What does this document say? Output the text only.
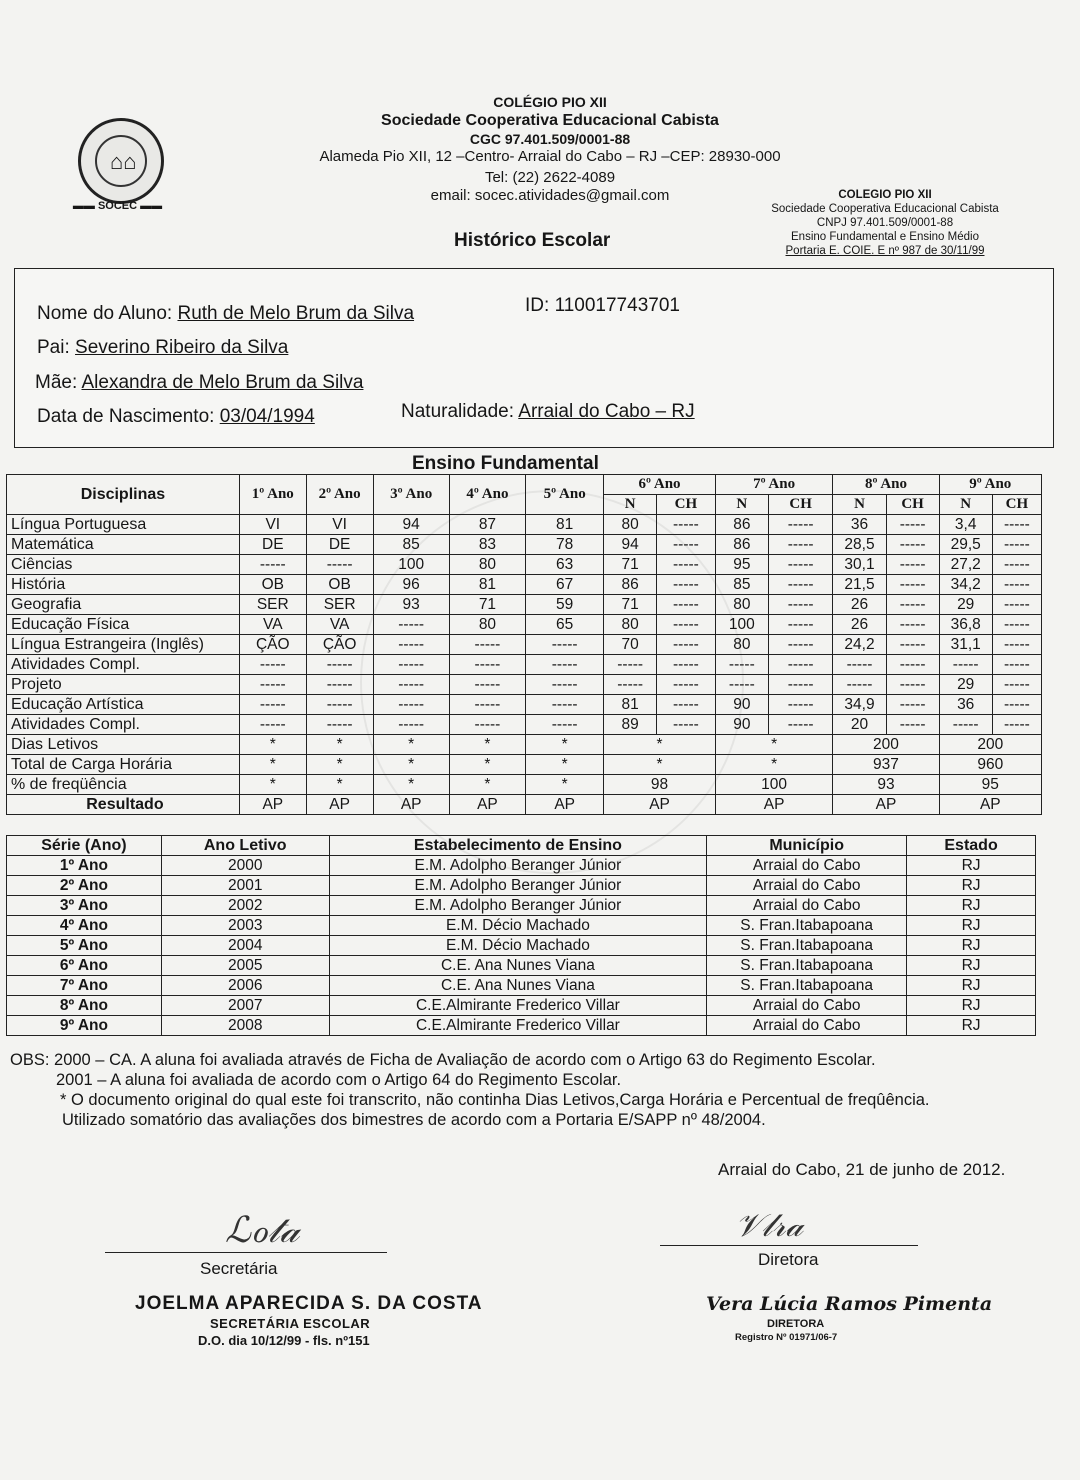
⌂⌂
▬▬ SOCEC ▬▬
COLÉGIO PIO XII
Sociedade Cooperativa Educacional Cabista
CGC 97.401.509/0001-88
Alameda Pio XII, 12 –Centro- Arraial do Cabo – RJ –CEP: 28930-000
Tel: (22) 2622-4089
email: socec.atividades@gmail.com
Histórico Escolar
COLEGIO PIO XII
Sociedade Cooperativa Educacional Cabista
CNPJ 97.401.509/0001-88
Ensino Fundamental e Ensino Médio
Portaria E. COIE. E nº 987 de 30/11/99
Nome do Aluno: Ruth de Melo Brum da Silva	ID: 110017743701
Pai: Severino Ribeiro da Silva
Mãe: Alexandra de Melo Brum da Silva
Data de Nascimento: 03/04/1994	Naturalidade: Arraial do Cabo – RJ
Ensino Fundamental
Disciplinas	1º Ano	2º Ano	3º Ano	4º Ano	5º Ano	6º Ano		7º Ano		8º Ano		9º Ano	
						N	CH	N	CH	N	CH	N	CH
Língua Portuguesa	VI	VI	94	87	81	80	-----	86	-----	36	-----	3,4	-----
Matemática	DE	DE	85	83	78	94	-----	86	-----	28,5	-----	29,5	-----
Ciências	-----	-----	100	80	63	71	-----	95	-----	30,1	-----	27,2	-----
História	OB	OB	96	81	67	86	-----	85	-----	21,5	-----	34,2	-----
Geografia	SER	SER	93	71	59	71	-----	80	-----	26	-----	29	-----
Educação Física	VA	VA	-----	80	65	80	-----	100	-----	26	-----	36,8	-----
Língua Estrangeira (Inglês)	ÇÃO	ÇÃO	-----	-----	-----	70	-----	80	-----	24,2	-----	31,1	-----
Atividades Compl.	-----	-----	-----	-----	-----	-----	-----	-----	-----	-----	-----	-----	-----
Projeto	-----	-----	-----	-----	-----	-----	-----	-----	-----	-----	-----	29	-----
Educação Artística	-----	-----	-----	-----	-----	81	-----	90	-----	34,9	-----	36	-----
Atividades Compl.	-----	-----	-----	-----	-----	89	-----	90	-----	20	-----	-----	-----
Dias Letivos	*	*	*	*	*	*		*		200		200	
Total de Carga Horária	*	*	*	*	*	*		*		937		960	
% de freqüência	*	*	*	*	*	98		100		93		95	
Resultado	AP	AP	AP	AP	AP	AP		AP		AP		AP	
Série (Ano)	Ano Letivo	Estabelecimento de Ensino	Município	Estado
1º Ano	2000	E.M. Adolpho Beranger Júnior	Arraial do Cabo	RJ
2º Ano	2001	E.M. Adolpho Beranger Júnior	Arraial do Cabo	RJ
3º Ano	2002	E.M. Adolpho Beranger Júnior	Arraial do Cabo	RJ
4º Ano	2003	E.M. Décio Machado	S. Fran.Itabapoana	RJ
5º Ano	2004	E.M. Décio Machado	S. Fran.Itabapoana	RJ
6º Ano	2005	C.E. Ana Nunes Viana	S. Fran.Itabapoana	RJ
7º Ano	2006	C.E. Ana Nunes Viana	S. Fran.Itabapoana	RJ
8º Ano	2007	C.E.Almirante Frederico Villar	Arraial do Cabo	RJ
9º Ano	2008	C.E.Almirante Frederico Villar	Arraial do Cabo	RJ
OBS: 2000 – CA. A aluna foi avaliada através de Ficha de Avaliação de acordo com o Artigo 63 do Regimento Escolar.
2001 – A aluna foi avaliada de acordo com o Artigo 64 do Regimento Escolar.
* O documento original do qual este foi transcrito, não continha Dias Letivos,Carga Horária e Percentual de freqûência.
Utilizado somatório das avaliações dos bimestres de acordo com a Portaria E/SAPP nº 48/2004.
Arraial do Cabo, 21 de junho de 2012.
ℒℴ𝓉𝒶
Secretária
𝒱𝓁𝓇𝒶
Diretora
JOELMA APARECIDA S. DA COSTA
SECRETÁRIA ESCOLAR
D.O. dia 10/12/99 - fls. nº151
Vera Lúcia Ramos Pimenta
DIRETORA
Registro Nº 01971/06-7
